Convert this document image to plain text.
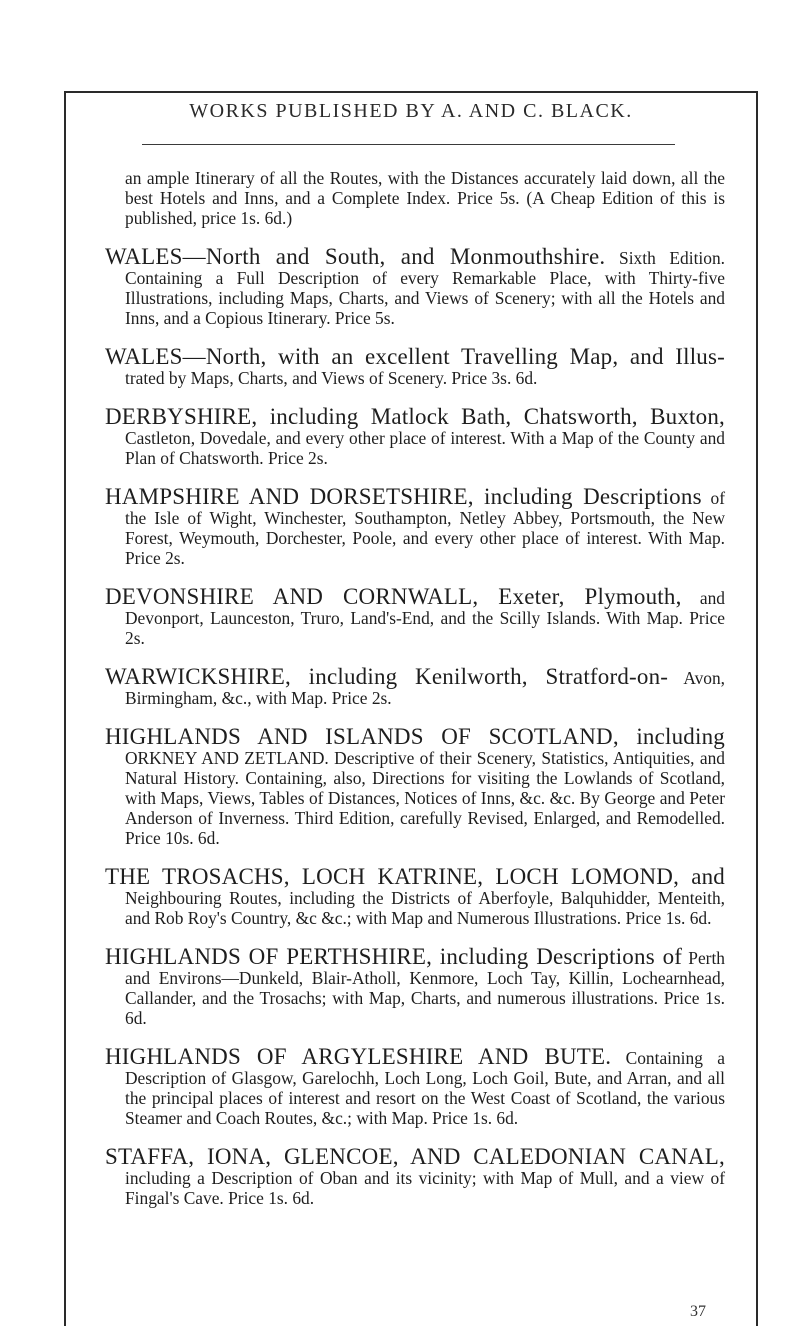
WORKS PUBLISHED BY A. AND C. BLACK.

an ample Itinerary of all the Routes, with the Distances accurately laid down, all the best Hotels and Inns, and a Complete Index. Price 5s. (A Cheap Edition of this is published, price 1s. 6d.)

WALES—North and South, and Monmouthshire. Sixth Edition. Containing a Full Description of every Remarkable Place, with Thirty-five Illustrations, including Maps, Charts, and Views of Scenery; with all the Hotels and Inns, and a Copious Itinerary. Price 5s.

WALES—North, with an excellent Travelling Map, and Illus- trated by Maps, Charts, and Views of Scenery. Price 3s. 6d.

DERBYSHIRE, including Matlock Bath, Chatsworth, Buxton, Castleton, Dovedale, and every other place of interest. With a Map of the County and Plan of Chatsworth. Price 2s.

HAMPSHIRE AND DORSETSHIRE, including Descriptions of the Isle of Wight, Winchester, Southampton, Netley Abbey, Portsmouth, the New Forest, Weymouth, Dorchester, Poole, and every other place of interest. With Map. Price 2s.

DEVONSHIRE AND CORNWALL, Exeter, Plymouth, and Devonport, Launceston, Truro, Land's-End, and the Scilly Islands. With Map. Price 2s.

WARWICKSHIRE, including Kenilworth, Stratford-on- Avon, Birmingham, &c., with Map. Price 2s.

HIGHLANDS AND ISLANDS OF SCOTLAND, including ORKNEY AND ZETLAND. Descriptive of their Scenery, Statistics, Antiquities, and Natural History. Containing, also, Directions for visiting the Lowlands of Scotland, with Maps, Views, Tables of Distances, Notices of Inns, &c. &c. By George and Peter Anderson of Inverness. Third Edition, carefully Revised, Enlarged, and Remodelled. Price 10s. 6d.

THE TROSACHS, LOCH KATRINE, LOCH LOMOND, and Neighbouring Routes, including the Districts of Aberfoyle, Balquhidder, Menteith, and Rob Roy's Country, &c &c.; with Map and Numerous Illustrations. Price 1s. 6d.

HIGHLANDS OF PERTHSHIRE, including Descriptions of Perth and Environs—Dunkeld, Blair-Atholl, Kenmore, Loch Tay, Killin, Lochearnhead, Callander, and the Trosachs; with Map, Charts, and numerous illustrations. Price 1s. 6d.

HIGHLANDS OF ARGYLESHIRE AND BUTE. Containing a Description of Glasgow, Garelochh, Loch Long, Loch Goil, Bute, and Arran, and all the principal places of interest and resort on the West Coast of Scotland, the various Steamer and Coach Routes, &c.; with Map. Price 1s. 6d.

STAFFA, IONA, GLENCOE, AND CALEDONIAN CANAL, including a Description of Oban and its vicinity; with Map of Mull, and a view of Fingal's Cave. Price 1s. 6d.

37
